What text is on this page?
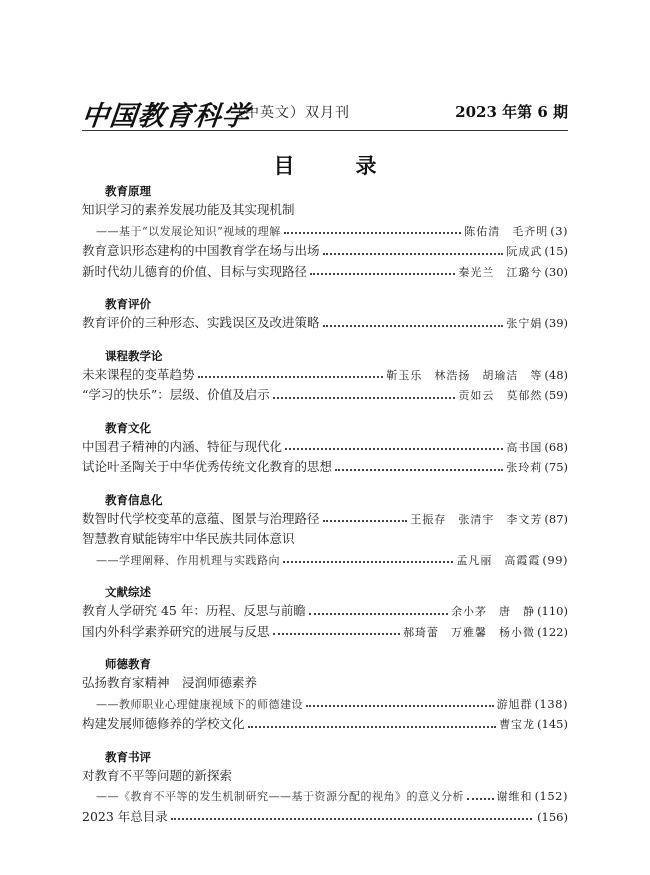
中国教育科学
（中英文）双月刊	2023 年第 6 期
目　录
教育原理
知识学习的素养发展功能及其实现机制
——基于“以发展论知识”视域的理解	陈佑清　毛齐明 (3)
教育意识形态建构的中国教育学在场与出场	阮成武 (15)
新时代幼儿德育的价值、目标与实现路径	秦光兰　江璐兮 (30)
教育评价
教育评价的三种形态、实践误区及改进策略	张宁娟 (39)
课程教学论
未来课程的变革趋势	靳玉乐　林浩扬　胡瑜洁　等 (48)
“学习的快乐”：层级、价值及启示	贡如云　莫郁然 (59)
教育文化
中国君子精神的内涵、特征与现代化	高书国 (68)
试论叶圣陶关于中华优秀传统文化教育的思想	张玲莉 (75)
教育信息化
数智时代学校变革的意蕴、图景与治理路径	王振存　张清宇　李文芳 (87)
智慧教育赋能铸牢中华民族共同体意识
——学理阐释、作用机理与实践路向	孟凡丽　高霞霞 (99)
文献综述
教育人学研究 45 年：历程、反思与前瞻	余小茅　唐　静 (110)
国内外科学素养研究的进展与反思	郝琦蕾　万雅馨　杨小微 (122)
师德教育
弘扬教育家精神　浸润师德素养
——教师职业心理健康视域下的师德建设	游旭群 (138)
构建发展师德修养的学校文化	曹宝龙 (145)
教育书评
对教育不平等问题的新探索
——《教育不平等的发生机制研究——基于资源分配的视角》的意义分析	谢维和 (152)
2023 年总目录	(156)
